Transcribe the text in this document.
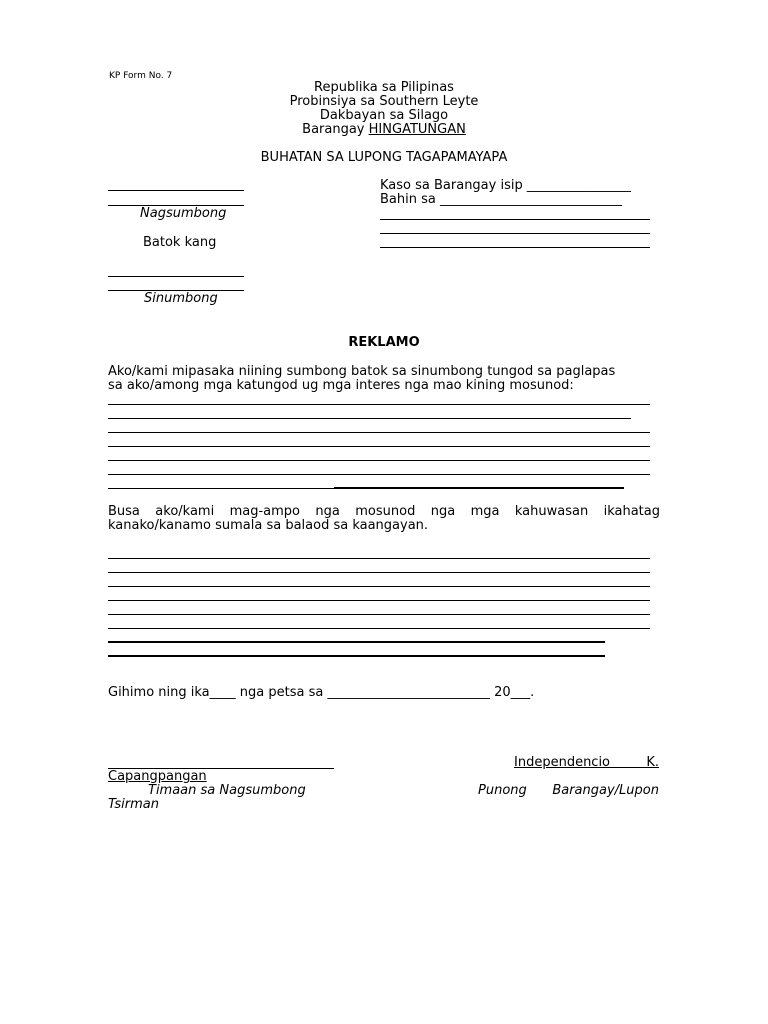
KP Form No. 7
Republika sa Pilipinas
Probinsiya sa Southern Leyte
Dakbayan sa Silago
Barangay HINGATUNGAN
BUHATAN SA LUPONG TAGAPAMAYAPA
Nagsumbong
Batok kang
Sinumbong
Kaso sa Barangay isip ________________
Bahin sa ____________________________
REKLAMO
Ako/kami mipasaka niining sumbong batok sa sinumbong tungod sa paglapas
sa ako/among mga katungod ug mga interes nga mao kining mosunod:
Busa ako/kami mag-ampo nga mosunod nga mga kahuwasan ikahatag
kanako/kanamo sumala sa balaod sa kaangayan.
Gihimo ning ika____ nga petsa sa _________________________ 20___.
Independencio K.
Capangpangan
Timaan sa Nagsumbong	Punong Barangay/Lupon
Tsirman
